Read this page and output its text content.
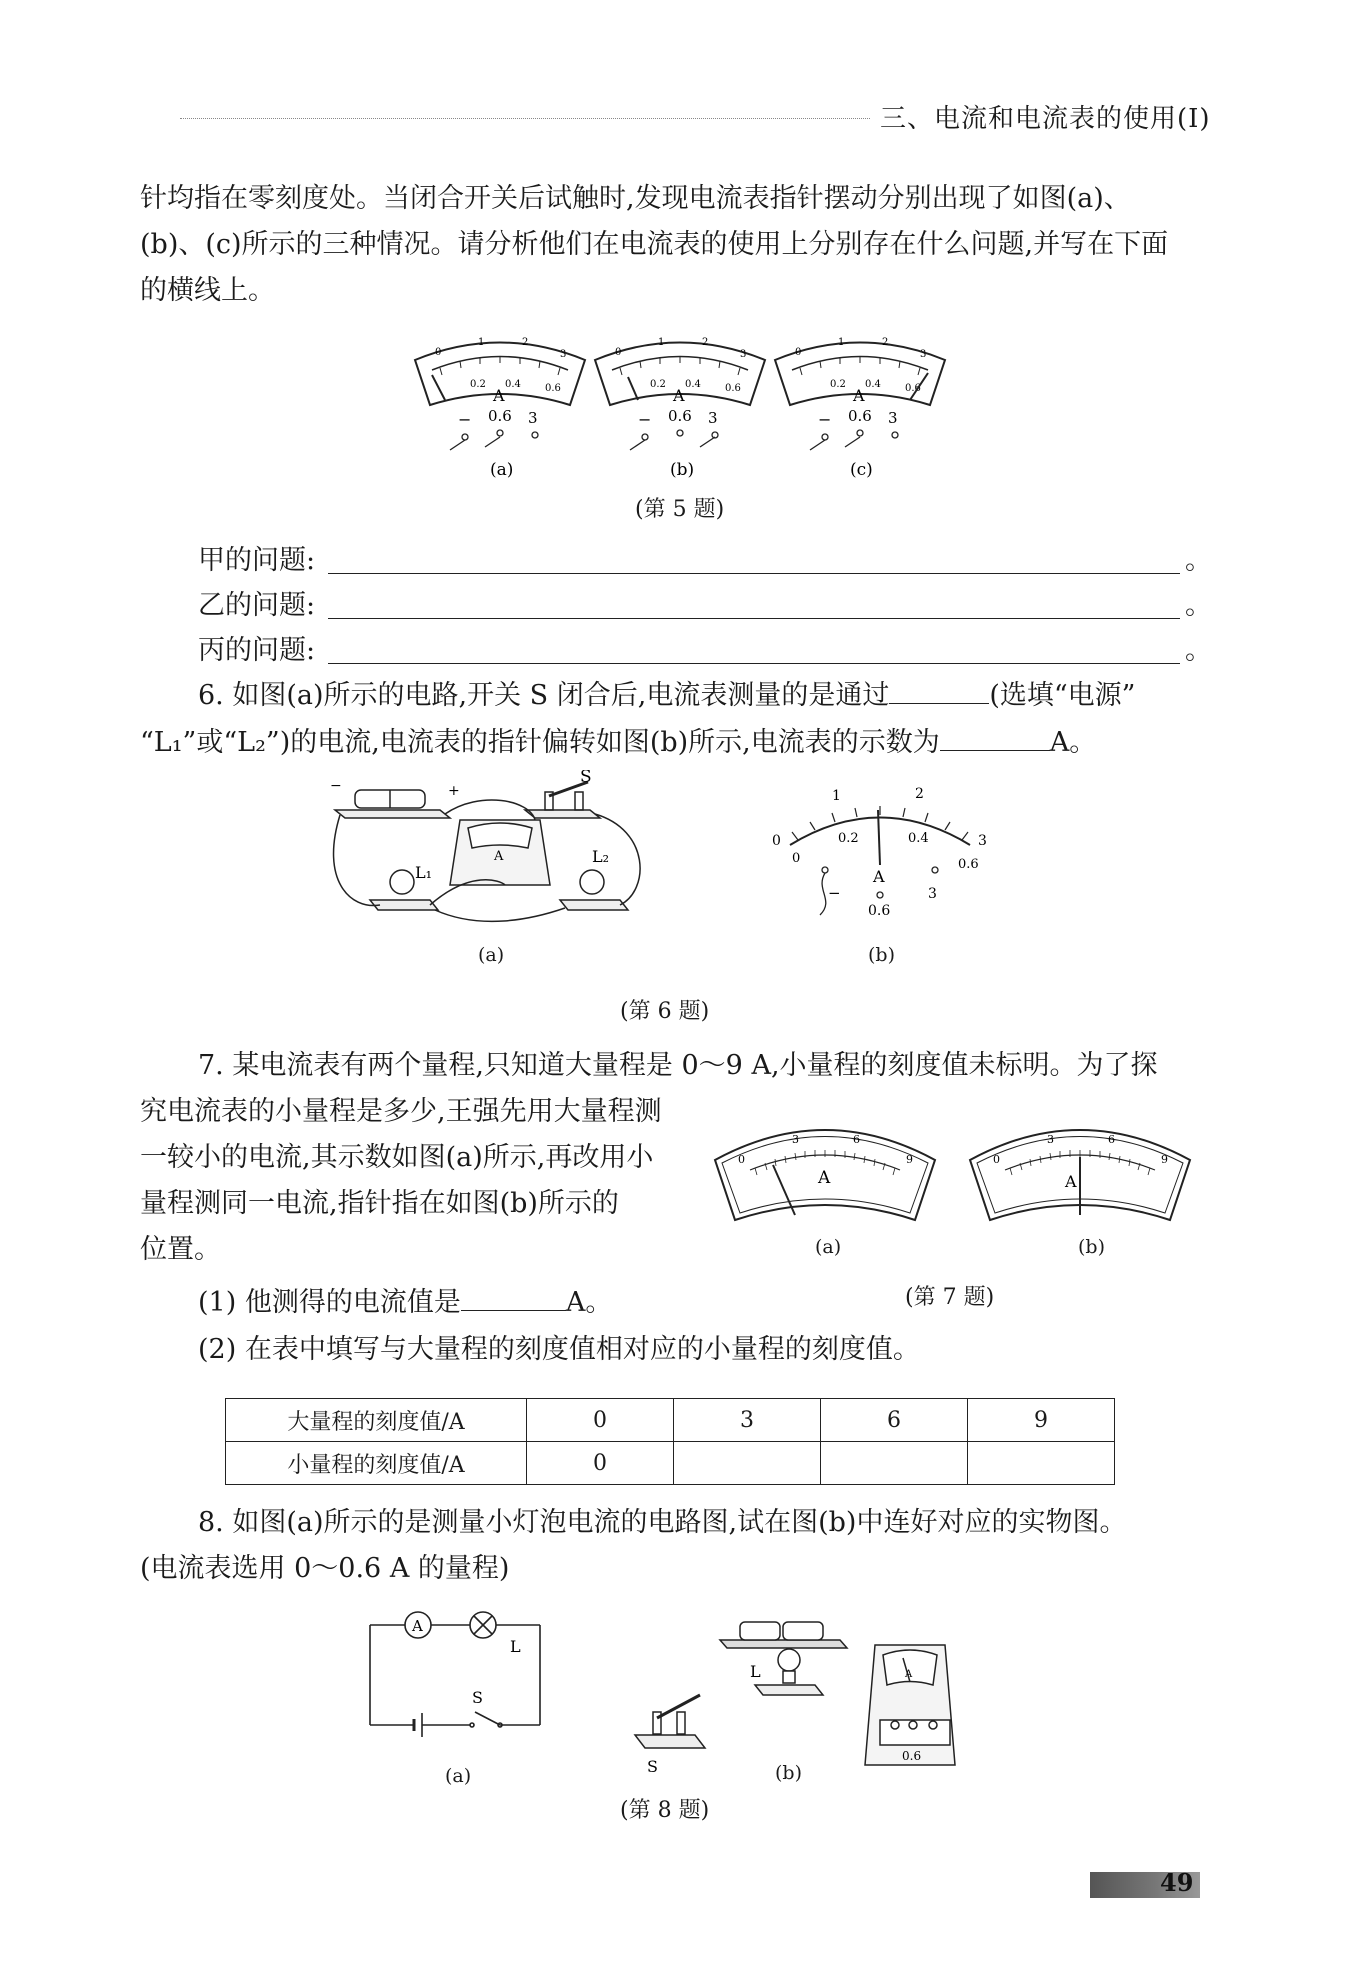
三、电流和电流表的使用(Ⅰ)
针均指在零刻度处。当闭合开关后试触时,发现电流表指针摆动分别出现了如图(a)、
(b)、(c)所示的三种情况。请分析他们在电流表的使用上分别存在什么问题,并写在下面
的横线上。
0
1	2
3
0.2 0.4 0.6
A
− 0.6 3
(a)
0
1	2
3
0.2 0.4 0.6
A
− 0.6 3
(b)
0
1	2
3
0.2 0.4 0.6
A
− 0.6 3
(c)
(第 5 题)
甲的问题:	。
乙的问题:	。
丙的问题:	。
6. 如图(a)所示的电路,开关 S 闭合后,电流表测量的是通过	(选填“电源”
“L₁”或“L₂”)的电流,电流表的指针偏转如图(b)所示,电流表的示数为	A。
−	+
S
L₁
L₂
A
(a)
0
1	2
3
0
0.2	0.4
0.6
A
−
0.6
3
(b)
(第 6 题)
7. 某电流表有两个量程,只知道大量程是 0～9 A,小量程的刻度值未标明。为了探
究电流表的小量程是多少,王强先用大量程测
一较小的电流,其示数如图(a)所示,再改用小
量程测同一电流,指针指在如图(b)所示的
位置。
0
3	6
9
A
0
3	6
9
A
(a)	(b)
(第 7 题)
(1) 他测得的电流值是	A。
(2) 在表中填写与大量程的刻度值相对应的小量程的刻度值。
大量程的刻度值/A	0	3	6	9
小量程的刻度值/A	0			
8. 如图(a)所示的是测量小灯泡电流的电路图,试在图(b)中连好对应的实物图。
(电流表选用 0～0.6 A 的量程)
A
L
S
(a)
L
S
A
0.6
(b)
(第 8 题)
49
